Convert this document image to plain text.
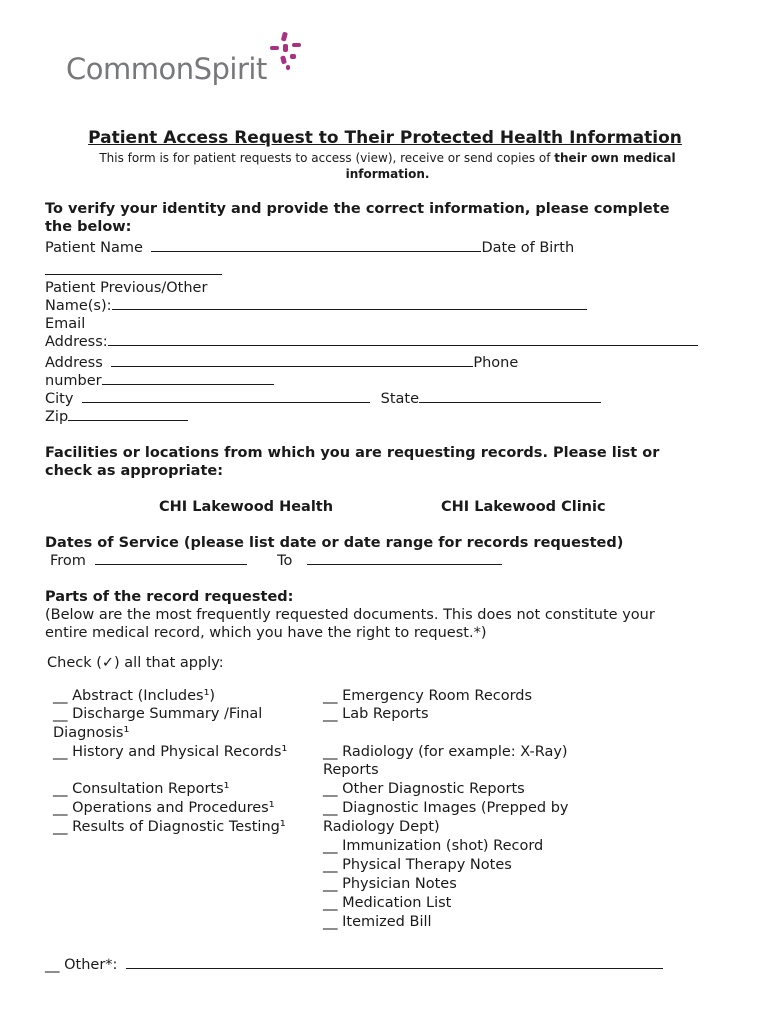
CommonSpirit
Patient Access Request to Their Protected Health Information
This form is for patient requests to access (view), receive or send copies of their own medical
information.
To verify your identity and provide the correct information, please complete
the below:
Patient Name	Date of Birth
Patient Previous/Other
Name(s):
Email
Address:
Address	Phone
number
City	State
Zip
Facilities or locations from which you are requesting records. Please list or
check as appropriate:
CHI Lakewood Health	CHI Lakewood Clinic
Dates of Service (please list date or date range for records requested)
From	To
Parts of the record requested:
(Below are the most frequently requested documents. This does not constitute your
entire medical record, which you have the right to request.*)
Check (✓) all that apply:
__ Abstract (Includes¹)
__ Discharge Summary /Final
Diagnosis¹
__ History and Physical Records¹
__ Consultation Reports¹
__ Operations and Procedures¹
__ Results of Diagnostic Testing¹
__ Emergency Room Records
__ Lab Reports
__ Radiology (for example: X-Ray)
Reports
__ Other Diagnostic Reports
__ Diagnostic Images (Prepped by
Radiology Dept)
__ Immunization (shot) Record
__ Physical Therapy Notes
__ Physician Notes
__ Medication List
__ Itemized Bill
__ Other*:
